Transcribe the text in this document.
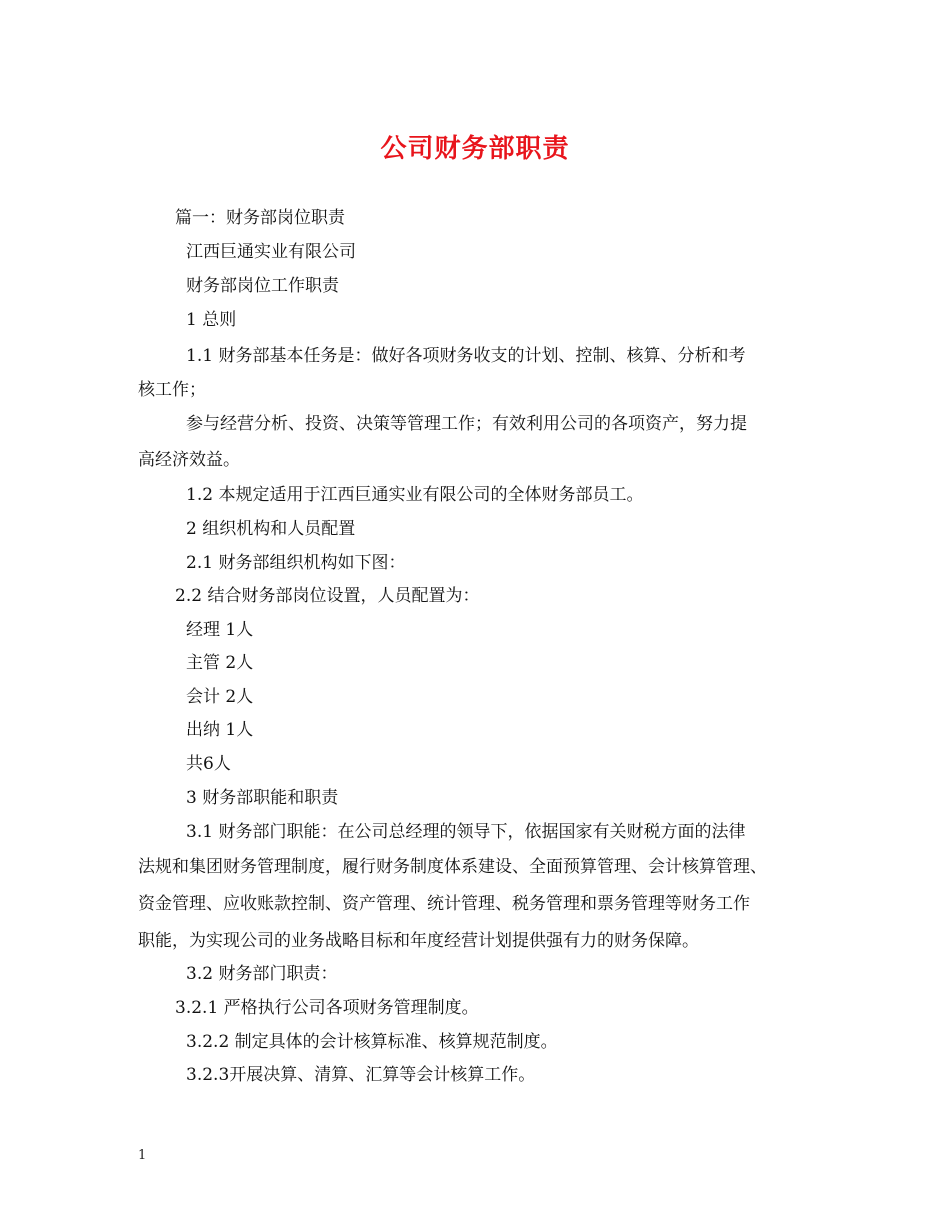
公司财务部职责
篇一：财务部岗位职责
江西巨通实业有限公司
财务部岗位工作职责
1 总则
1.1 财务部基本任务是：做好各项财务收支的计划、控制、核算、分析和考
核工作；
参与经营分析、投资、决策等管理工作；有效利用公司的各项资产，努力提
高经济效益。
1.2 本规定适用于江西巨通实业有限公司的全体财务部员工。
2 组织机构和人员配置
2.1 财务部组织机构如下图：
2.2 结合财务部岗位设置，人员配置为：
经理 1人
主管 2人
会计 2人
出纳 1人
共6人
3 财务部职能和职责
3.1 财务部门职能：在公司总经理的领导下，依据国家有关财税方面的法律
法规和集团财务管理制度，履行财务制度体系建设、全面预算管理、会计核算管理、
资金管理、应收账款控制、资产管理、统计管理、税务管理和票务管理等财务工作
职能，为实现公司的业务战略目标和年度经营计划提供强有力的财务保障。
3.2 财务部门职责：
3.2.1 严格执行公司各项财务管理制度。
3.2.2 制定具体的会计核算标准、核算规范制度。
3.2.3开展决算、清算、汇算等会计核算工作。
1
